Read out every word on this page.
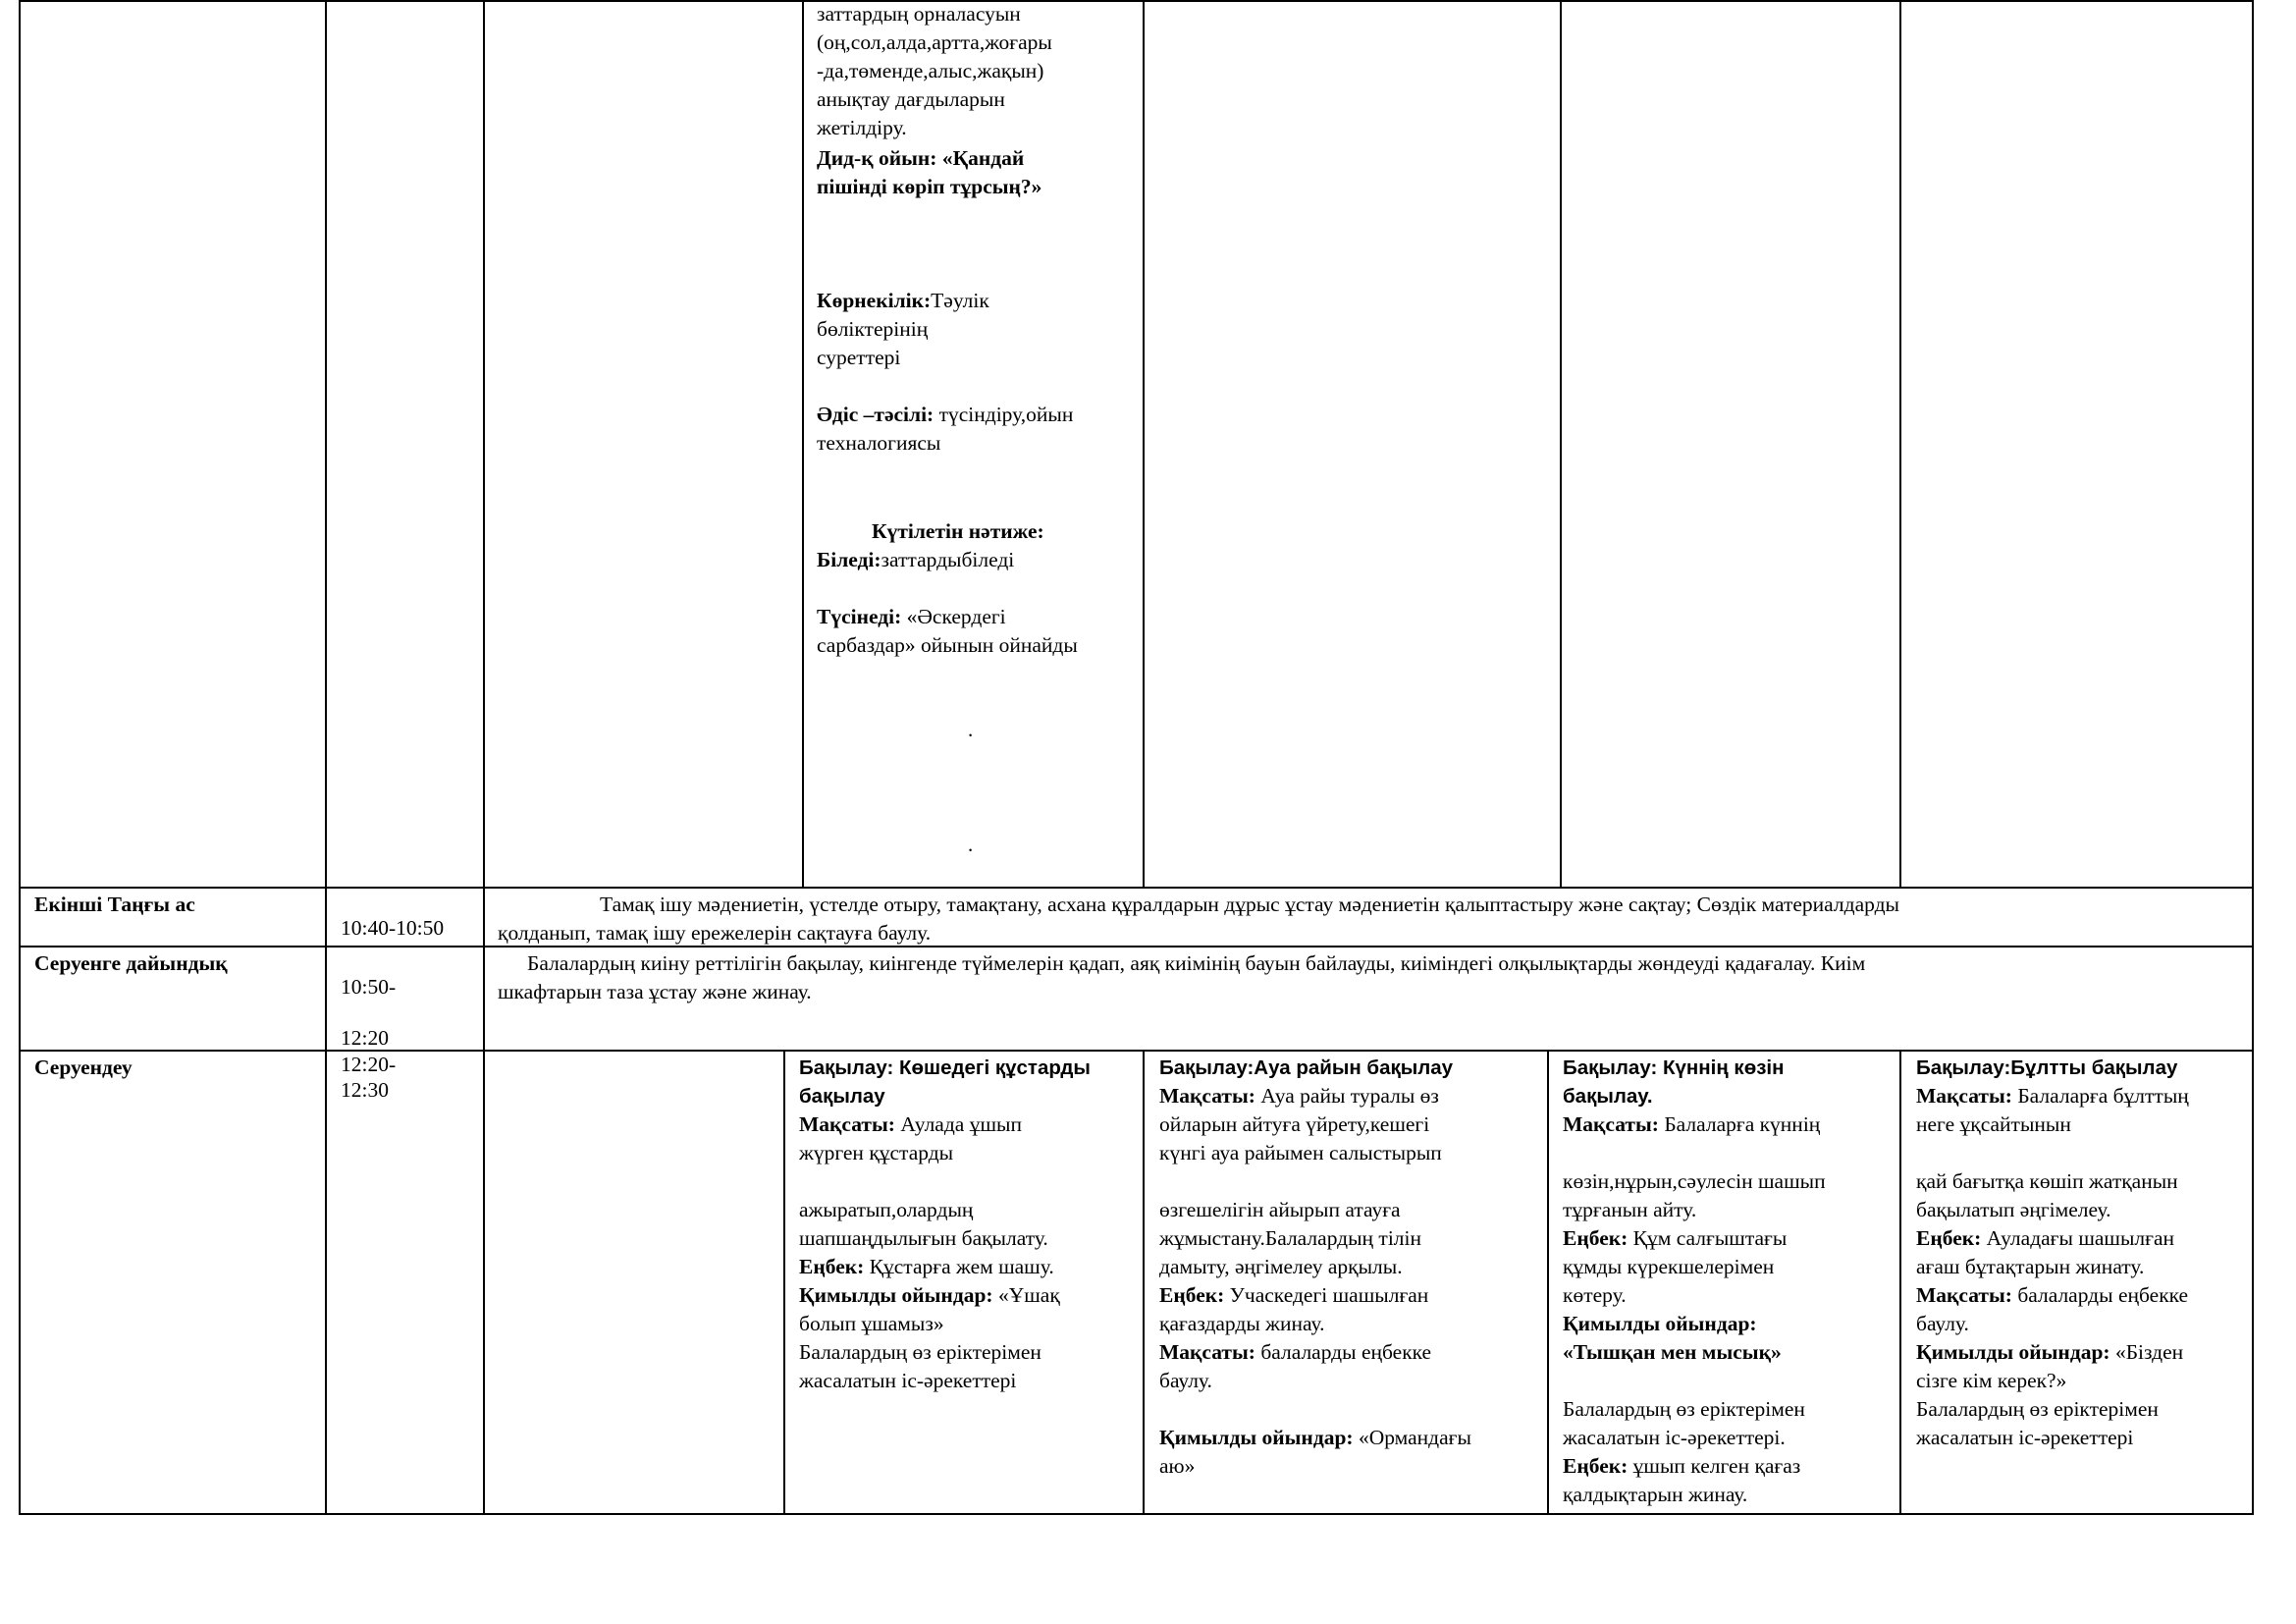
заттардың орналасуын
(оң,сол,алда,артта,жоғары
-да,төменде,алыс,жақын)
анықтау дағдыларын
жетілдіру.
Дид-қ ойын: «Қандай
пішінді көріп тұрсың?»
Көрнекілік:Тәулік
бөліктерінің
суреттері
Әдіс –тәсілі: түсіндіру,ойын
техналогиясы
Күтілетін нәтиже:
Біледі:заттардыбіледі
Түсінеді: «Әскердегі
сарбаздар» ойынын ойнайды
.
.
Екінші Таңғы ас
10:40-10:50
Тамақ ішу мәдениетін, үстелде отыру, тамақтану, асхана құралдарын дұрыс ұстау мәдениетін қалыптастыру және сақтау; Сөздік материалдарды
қолданып, тамақ ішу ережелерін сақтауға баулу.
Серуенге дайындық
10:50-
12:20
Балалардың киіну реттілігін бақылау, киінгенде түймелерін қадап, аяқ киімінің бауын байлауды, киіміндегі олқылықтарды жөндеуді қадағалау. Киім
шкафтарын таза ұстау және жинау.
Серуендеу	12:20-
12:30
Бақылау: Көшедегі құстарды
бақылау
Мақсаты: Аулада ұшып
жүрген құстарды

ажыратып,олардың
шапшаңдылығын бақылату.
Еңбек: Құстарға жем шашу.
Қимылды ойындар: «Ұшақ
болып ұшамыз»
Балалардың өз еріктерімен
жасалатын іс-әрекеттері
Бақылау:Ауа райын бақылау
Мақсаты: Ауа райы туралы өз
ойларын айтуға үйрету,кешегі
күнгі ауа райымен салыстырып

өзгешелігін айырып атауға
жұмыстану.Балалардың тілін
дамыту, әңгімелеу арқылы.
Еңбек: Учаскедегі шашылған
қағаздарды жинау.
Мақсаты: балаларды еңбекке
баулу.
Қимылды ойындар: «Ормандағы
аю»
Бақылау: Күннің көзін
бақылау.
Мақсаты: Балаларға күннің

көзін,нұрын,сәулесін шашып
тұрғанын айту.
Еңбек: Құм салғыштағы
құмды күрекшелерімен
көтеру.
Қимылды ойындар:
«Тышқан мен мысық»
Балалардың өз еріктерімен
жасалатын іс-әрекеттері.
Еңбек: ұшып келген қағаз
қалдықтарын жинау.
Бақылау:Бұлтты бақылау
Мақсаты: Балаларға бұлттың
неге ұқсайтынын

қай бағытқа көшіп жатқанын
бақылатып әңгімелеу.
Еңбек: Ауладағы шашылған
ағаш бұтақтарын жинату.
Мақсаты: балаларды еңбекке
баулу.
Қимылды ойындар: «Бізден
сізге кім керек?»
Балалардың өз еріктерімен
жасалатын іс-әрекеттері
